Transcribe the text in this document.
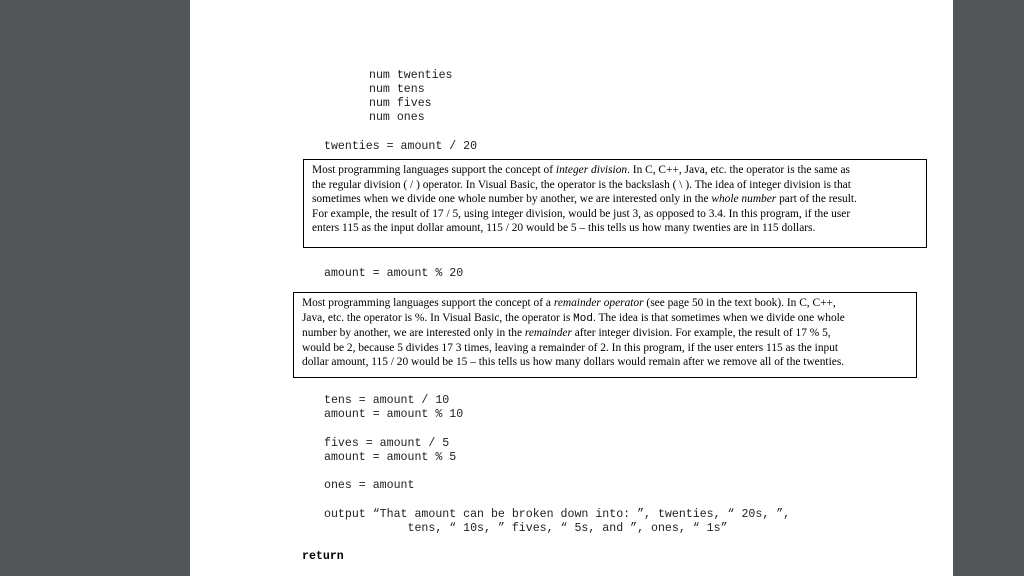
num twenties
num tens
num fives
num ones
twenties = amount / 20
Most programming languages support the concept of integer division. In C, C++, Java, etc. the operator is the same as
the regular division ( / ) operator. In Visual Basic, the operator is the backslash ( \ ). The idea of integer division is that
sometimes when we divide one whole number by another, we are interested only in the whole number part of the result.
For example, the result of 17 / 5, using integer division, would be just 3, as opposed to 3.4. In this program, if the user
enters 115 as the input dollar amount, 115 / 20 would be 5 – this tells us how many twenties are in 115 dollars.
amount = amount % 20
Most programming languages support the concept of a remainder operator (see page 50 in the text book). In C, C++,
Java, etc. the operator is %. In Visual Basic, the operator is Mod. The idea is that sometimes when we divide one whole
number by another, we are interested only in the remainder after integer division. For example, the result of 17 % 5,
would be 2, because 5 divides 17 3 times, leaving a remainder of 2. In this program, if the user enters 115 as the input
dollar amount, 115 / 20 would be 15 – this tells us how many dollars would remain after we remove all of the twenties.
tens = amount / 10
amount = amount % 10
fives = amount / 5
amount = amount % 5
ones = amount
output “That amount can be broken down into: ”, twenties, “ 20s, ”,
tens, “ 10s, ” fives, “ 5s, and ”, ones, “ 1s”
return
